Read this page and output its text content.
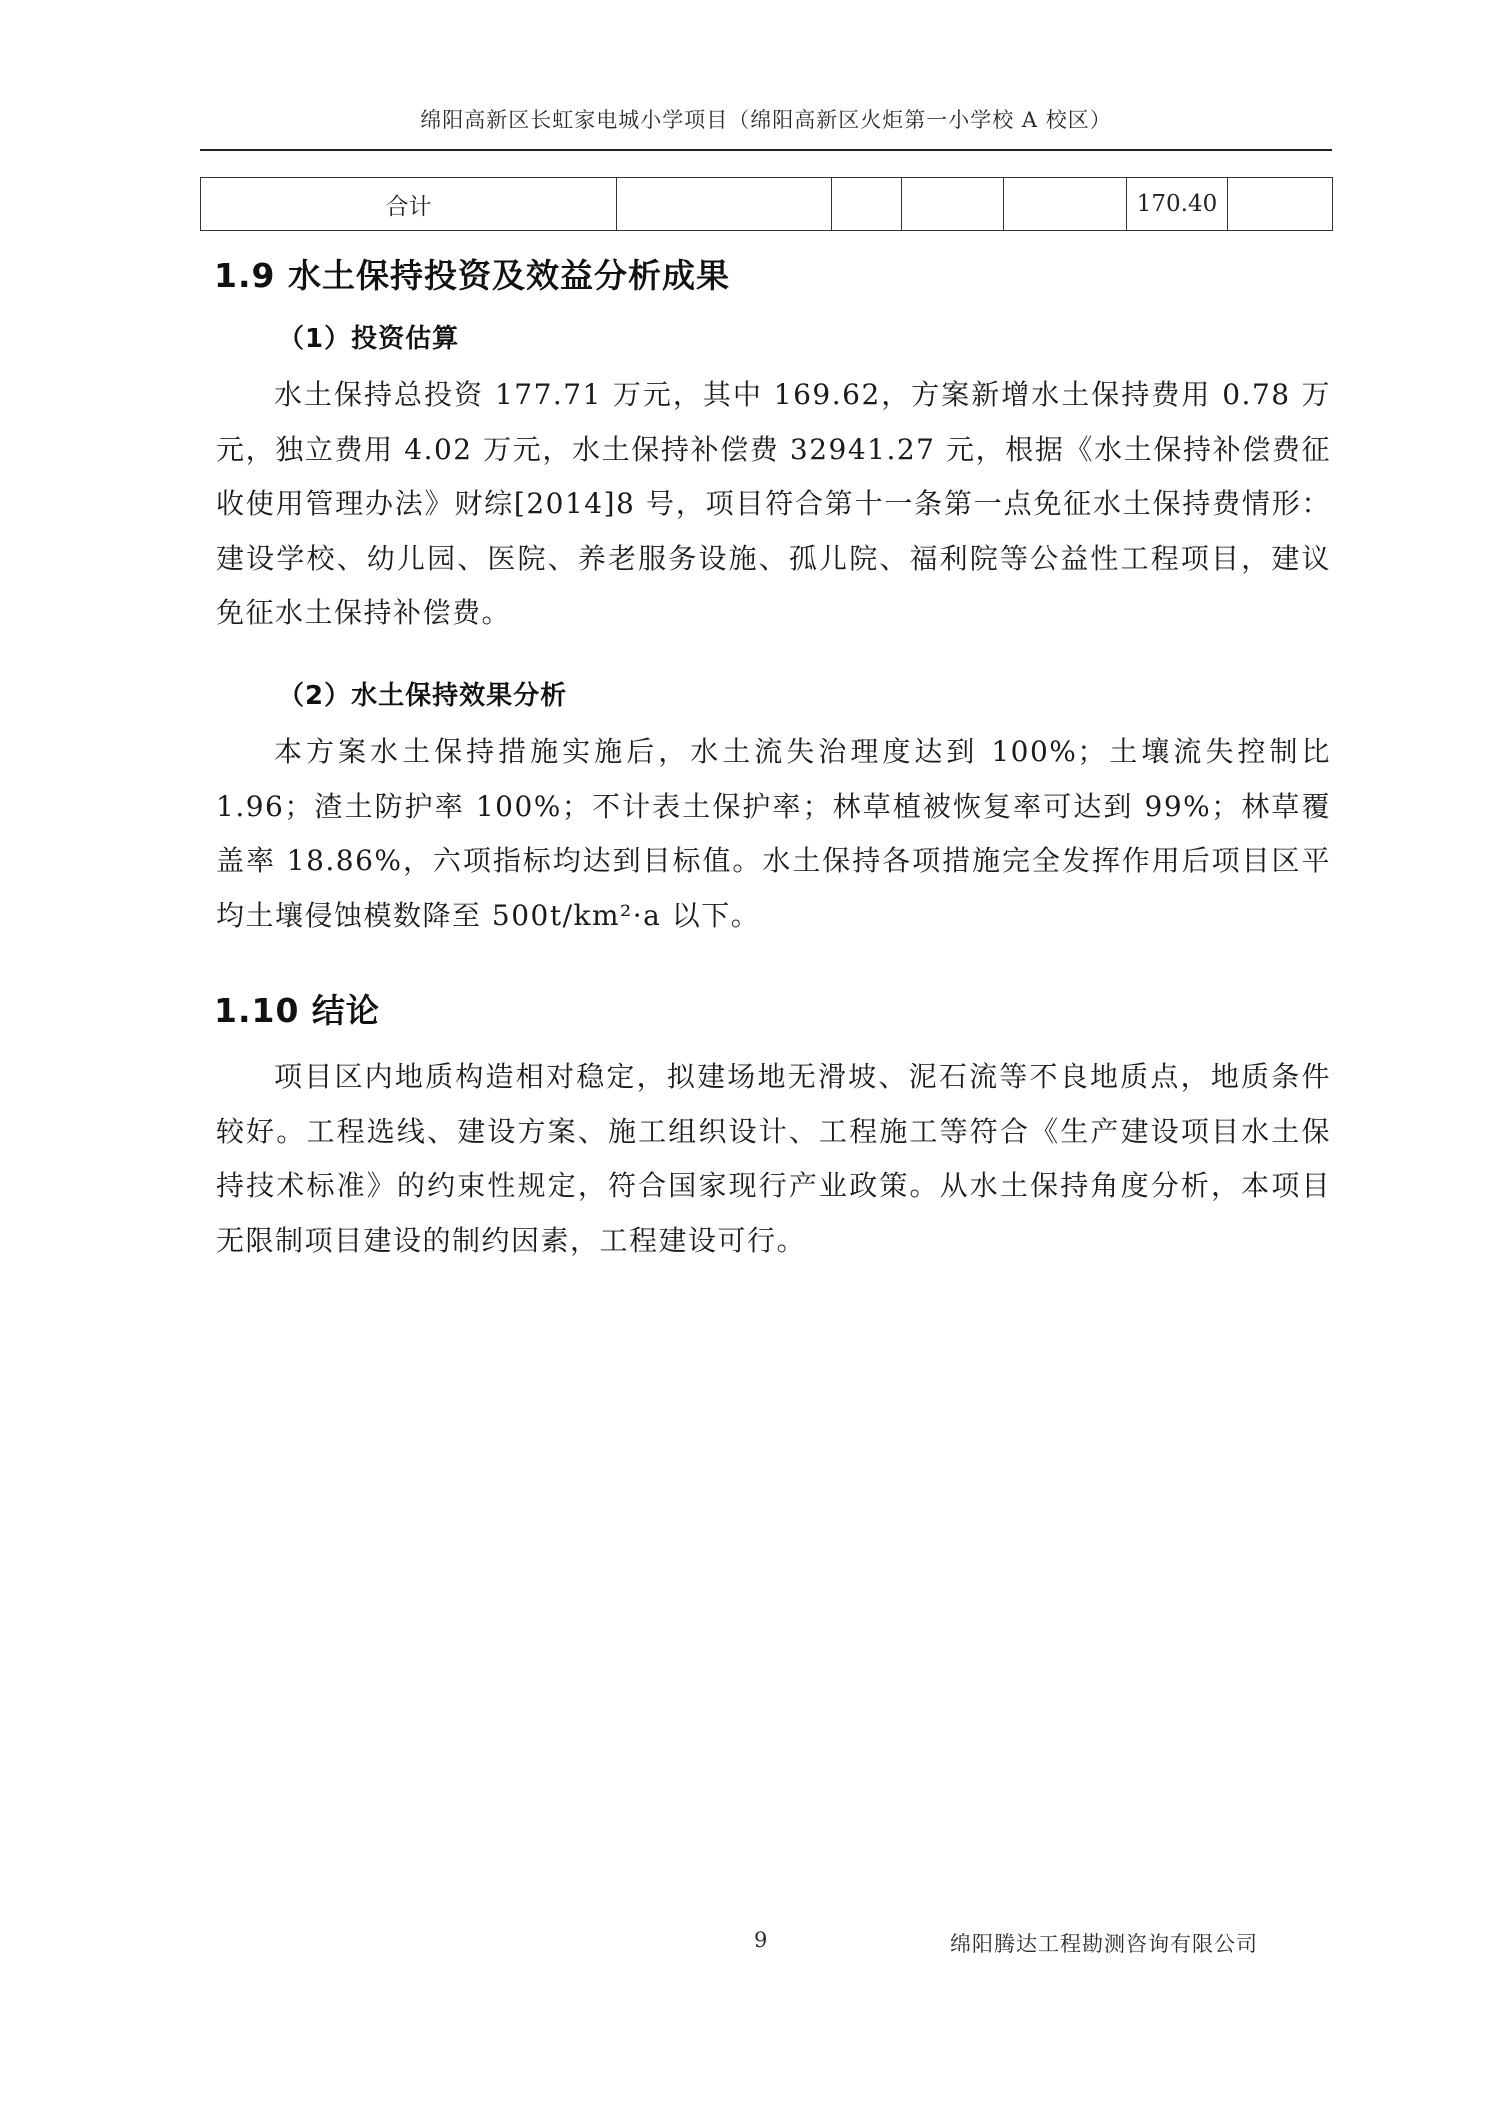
绵阳高新区长虹家电城小学项目（绵阳高新区火炬第一小学校 A 校区）
合计					170.40	
1.9 水土保持投资及效益分析成果
（1）投资估算

水土保持总投资 177.71 万元，其中 169.62，方案新增水土保持费用 0.78 万元，独立费用 4.02 万元，水土保持补偿费 32941.27 元，根据《水土保持补偿费征收使用管理办法》财综[2014]8 号，项目符合第十一条第一点免征水土保持费情形：建设学校、幼儿园、医院、养老服务设施、孤儿院、福利院等公益性工程项目，建议免征水土保持补偿费。

（2）水土保持效果分析

本方案水土保持措施实施后，水土流失治理度达到 100%；土壤流失控制比 1.96；渣土防护率 100%；不计表土保护率；林草植被恢复率可达到 99%；林草覆盖率 18.86%，六项指标均达到目标值。水土保持各项措施完全发挥作用后项目区平均土壤侵蚀模数降至 500t/km²·a 以下。

1.10 结论

项目区内地质构造相对稳定，拟建场地无滑坡、泥石流等不良地质点，地质条件较好。工程选线、建设方案、施工组织设计、工程施工等符合《生产建设项目水土保持技术标准》的约束性规定，符合国家现行产业政策。从水土保持角度分析，本项目无限制项目建设的制约因素，工程建设可行。

9	绵阳腾达工程勘测咨询有限公司
